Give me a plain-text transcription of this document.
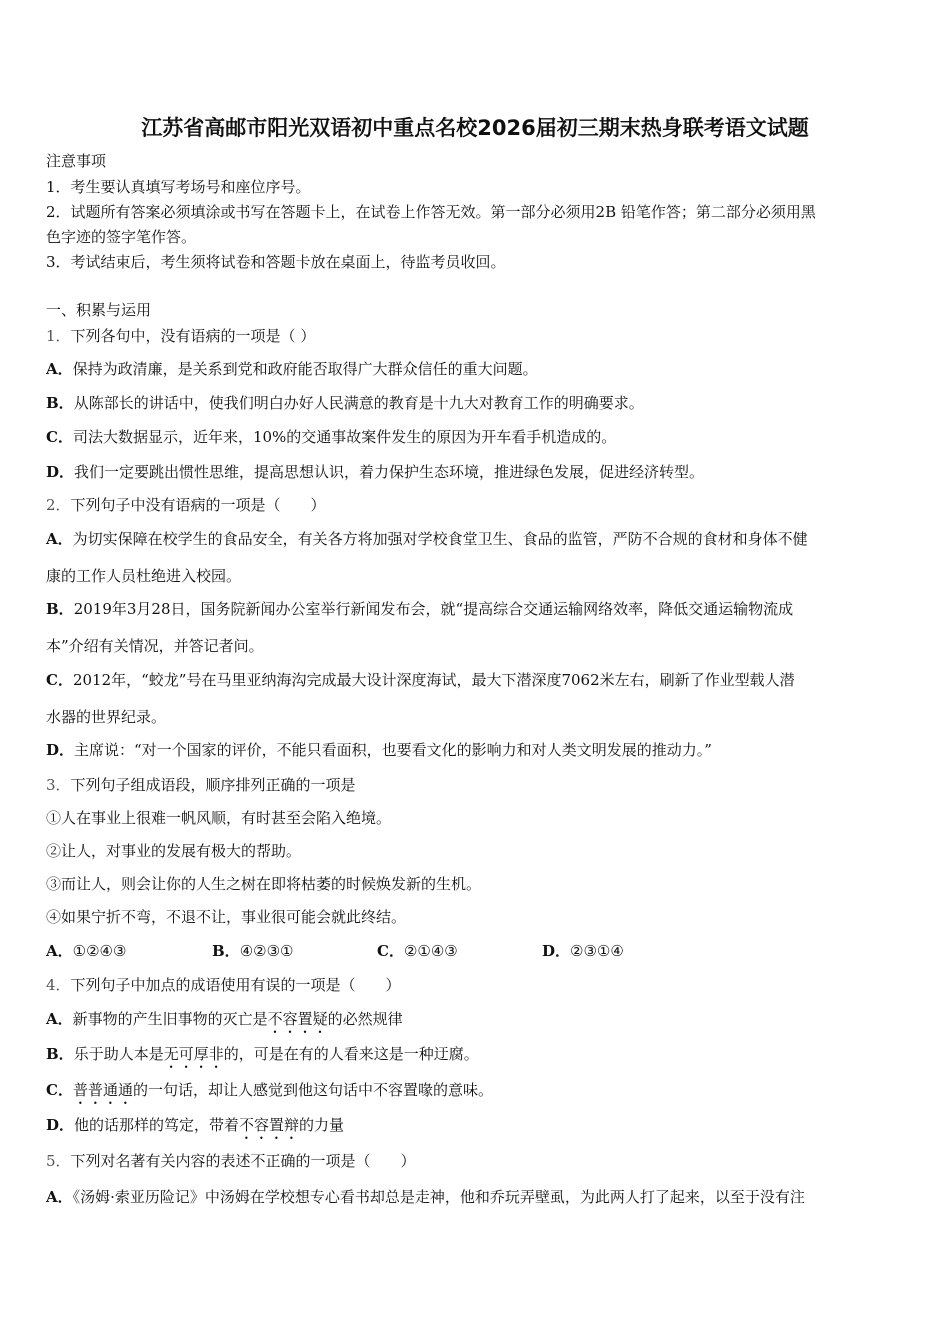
江苏省高邮市阳光双语初中重点名校2026届初三期末热身联考语文试题
注意事项
1．考生要认真填写考场号和座位序号。
2．试题所有答案必须填涂或书写在答题卡上，在试卷上作答无效。第一部分必须用2B 铅笔作答；第二部分必须用黑
色字迹的签字笔作答。
3．考试结束后，考生须将试卷和答题卡放在桌面上，待监考员收回。
一、积累与运用
1．下列各句中，没有语病的一项是（ ）
A．保持为政清廉，是关系到党和政府能否取得广大群众信任的重大问题。
B．从陈部长的讲话中，使我们明白办好人民满意的教育是十九大对教育工作的明确要求。
C．司法大数据显示，近年来，10%的交通事故案件发生的原因为开车看手机造成的。
D．我们一定要跳出惯性思维，提高思想认识，着力保护生态环境，推进绿色发展，促进经济转型。
2．下列句子中没有语病的一项是（　　）
A．为切实保障在校学生的食品安全，有关各方将加强对学校食堂卫生、食品的监管，严防不合规的食材和身体不健
康的工作人员杜绝进入校园。
B．2019年3月28日，国务院新闻办公室举行新闻发布会，就“提高综合交通运输网络效率，降低交通运输物流成
本”介绍有关情况，并答记者问。
C．2012年，“蛟龙”号在马里亚纳海沟完成最大设计深度海试，最大下潜深度7062米左右，刷新了作业型载人潜
水器的世界纪录。
D．主席说：“对一个国家的评价，不能只看面积，也要看文化的影响力和对人类文明发展的推动力。”
3．下列句子组成语段，顺序排列正确的一项是
①人在事业上很难一帆风顺，有时甚至会陷入绝境。
②让人，对事业的发展有极大的帮助。
③而让人，则会让你的人生之树在即将枯萎的时候焕发新的生机。
④如果宁折不弯，不退不让，事业很可能会就此终结。
A．①②④③	B．④②③①	C．②①④③	D．②③①④
4．下列句子中加点的成语使用有误的一项是（　　）
A．新事物的产生旧事物的灭亡是不容置疑的必然规律
B．乐于助人本是无可厚非的，可是在有的人看来这是一种迂腐。
C．普普通通的一句话，却让人感觉到他这句话中不容置喙的意味。
D．他的话那样的笃定，带着不容置辩的力量
5．下列对名著有关内容的表述不正确的一项是（　　）
A．《汤姆·索亚历险记》中汤姆在学校想专心看书却总是走神，他和乔玩弄壁虱，为此两人打了起来，以至于没有注
